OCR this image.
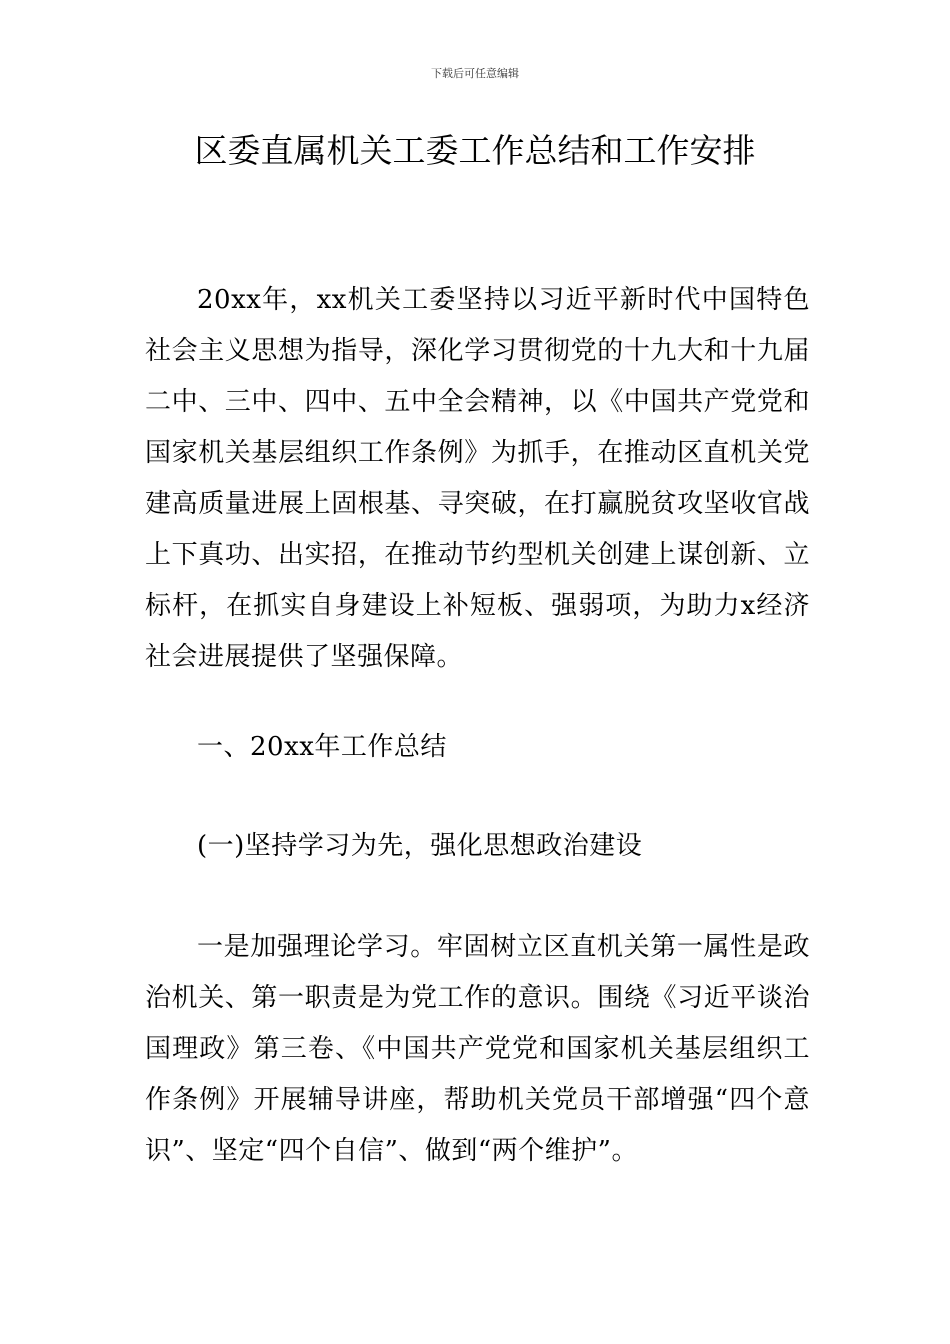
下载后可任意编辑
区委直属机关工委工作总结和工作安排

20xx年，xx机关工委坚持以习近平新时代中国特色社会主义思想为指导，深化学习贯彻党的十九大和十九届二中、三中、四中、五中全会精神，以《中国共产党党和国家机关基层组织工作条例》为抓手，在推动区直机关党建高质量进展上固根基、寻突破，在打赢脱贫攻坚收官战上下真功、出实招，在推动节约型机关创建上谋创新、立标杆，在抓实自身建设上补短板、强弱项，为助力x经济社会进展提供了坚强保障。

一、20xx年工作总结

(一)坚持学习为先，强化思想政治建设

一是加强理论学习。牢固树立区直机关第一属性是政治机关、第一职责是为党工作的意识。围绕《习近平谈治国理政》第三卷、《中国共产党党和国家机关基层组织工作条例》开展辅导讲座，帮助机关党员干部增强“四个意识”、坚定“四个自信”、做到“两个维护”。
